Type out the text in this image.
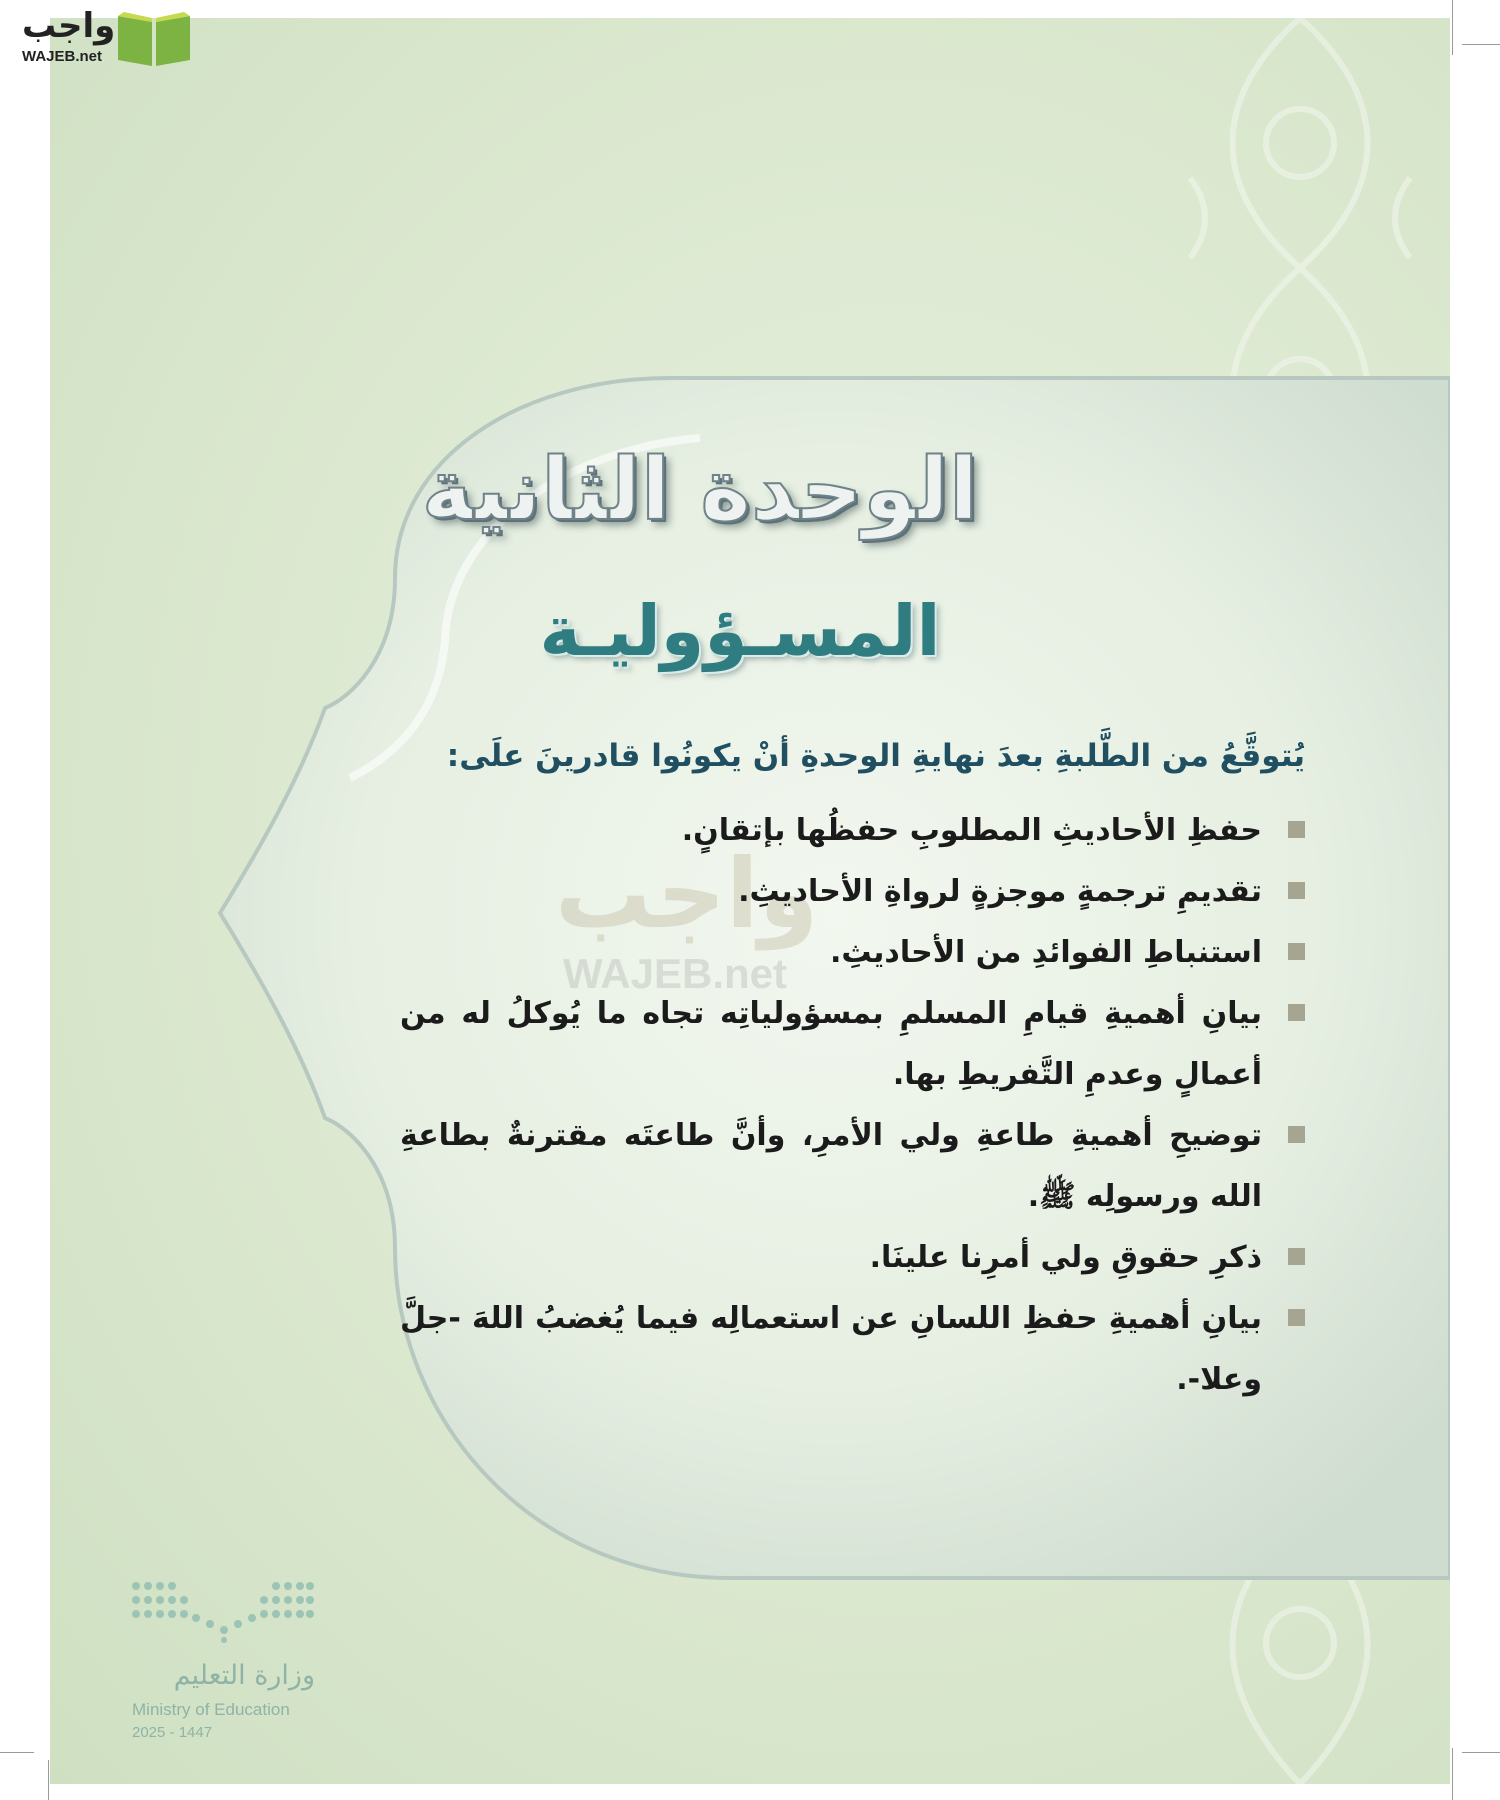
واجب
WAJEB.net
وزارة التعليم
Ministry of Education
2025 - 1447
واجب
WAJEB.net
الوحدة الثانية
المسـؤوليـة
يُتوقَّعُ من الطَّلبةِ بعدَ نهايةِ الوحدةِ أنْ يكونُوا قادرينَ علَى:
حفظِ الأحاديثِ المطلوبِ حفظُها بإتقانٍ.
تقديمِ ترجمةٍ موجزةٍ لرواةِ الأحاديثِ.
استنباطِ الفوائدِ من الأحاديثِ.
بيانِ أهميةِ قيامِ المسلمِ بمسؤولياتِه تجاه ما يُوكلُ له من أعمالٍ وعدمِ التَّفريطِ بها.
توضيحِ أهميةِ طاعةِ ولي الأمرِ، وأنَّ طاعتَه مقترنةٌ بطاعةِ الله ورسولِه ﷺ.
ذكرِ حقوقِ ولي أمرِنا علينَا.
بيانِ أهميةِ حفظِ اللسانِ عن استعمالِه فيما يُغضبُ اللهَ -جلَّ وعلا-.
